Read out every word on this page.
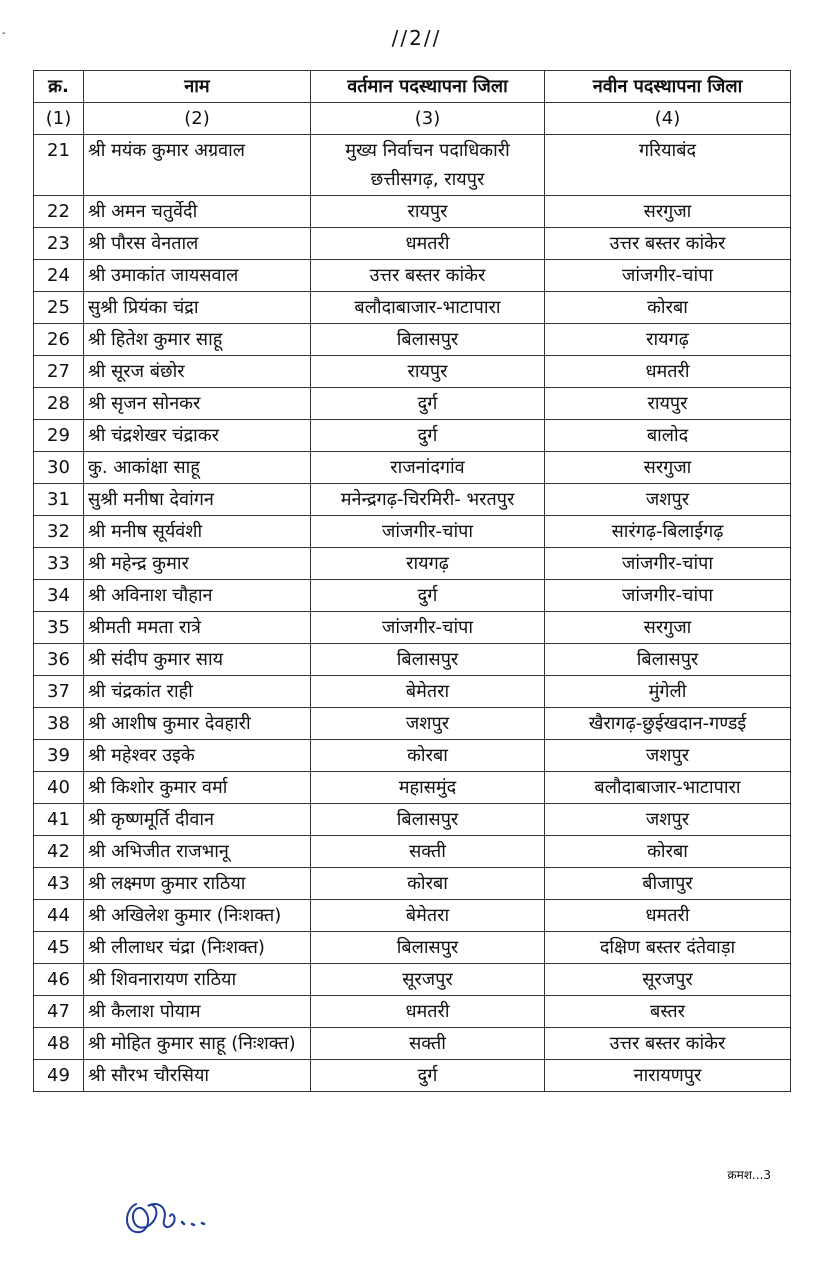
-	//2//
क्र.	नाम	वर्तमान पदस्थापना जिला	नवीन पदस्थापना जिला
(1)	(2)	(3)	(4)
21	श्री मयंक कुमार अग्रवाल	मुख्य निर्वाचन पदाधिकारी छत्तीसगढ़, रायपुर	गरियाबंद
22	श्री अमन चतुर्वेदी	रायपुर	सरगुजा
23	श्री पौरस वेनताल	धमतरी	उत्तर बस्तर कांकेर
24	श्री उमाकांत जायसवाल	उत्तर बस्तर कांकेर	जांजगीर-चांपा
25	सुश्री प्रियंका चंद्रा	बलौदाबाजार-भाटापारा	कोरबा
26	श्री हितेश कुमार साहू	बिलासपुर	रायगढ़
27	श्री सूरज बंछोर	रायपुर	धमतरी
28	श्री सृजन सोनकर	दुर्ग	रायपुर
29	श्री चंद्रशेखर चंद्राकर	दुर्ग	बालोद
30	कु. आकांक्षा साहू	राजनांदगांव	सरगुजा
31	सुश्री मनीषा देवांगन	मनेन्द्रगढ़-चिरमिरी- भरतपुर	जशपुर
32	श्री मनीष सूर्यवंशी	जांजगीर-चांपा	सारंगढ़-बिलाईगढ़
33	श्री महेन्द्र कुमार	रायगढ़	जांजगीर-चांपा
34	श्री अविनाश चौहान	दुर्ग	जांजगीर-चांपा
35	श्रीमती ममता रात्रे	जांजगीर-चांपा	सरगुजा
36	श्री संदीप कुमार साय	बिलासपुर	बिलासपुर
37	श्री चंद्रकांत राही	बेमेतरा	मुंगेली
38	श्री आशीष कुमार देवहारी	जशपुर	खैरागढ़-छुईखदान-गण्डई
39	श्री महेश्वर उइके	कोरबा	जशपुर
40	श्री किशोर कुमार वर्मा	महासमुंद	बलौदाबाजार-भाटापारा
41	श्री कृष्णमूर्ति दीवान	बिलासपुर	जशपुर
42	श्री अभिजीत राजभानू	सक्ती	कोरबा
43	श्री लक्ष्मण कुमार राठिया	कोरबा	बीजापुर
44	श्री अखिलेश कुमार (निःशक्त)	बेमेतरा	धमतरी
45	श्री लीलाधर चंद्रा (निःशक्त)	बिलासपुर	दक्षिण बस्तर दंतेवाड़ा
46	श्री शिवनारायण राठिया	सूरजपुर	सूरजपुर
47	श्री कैलाश पोयाम	धमतरी	बस्तर
48	श्री मोहित कुमार साहू (निःशक्त)	सक्ती	उत्तर बस्तर कांकेर
49	श्री सौरभ चौरसिया	दुर्ग	नारायणपुर
क्रमश...3
